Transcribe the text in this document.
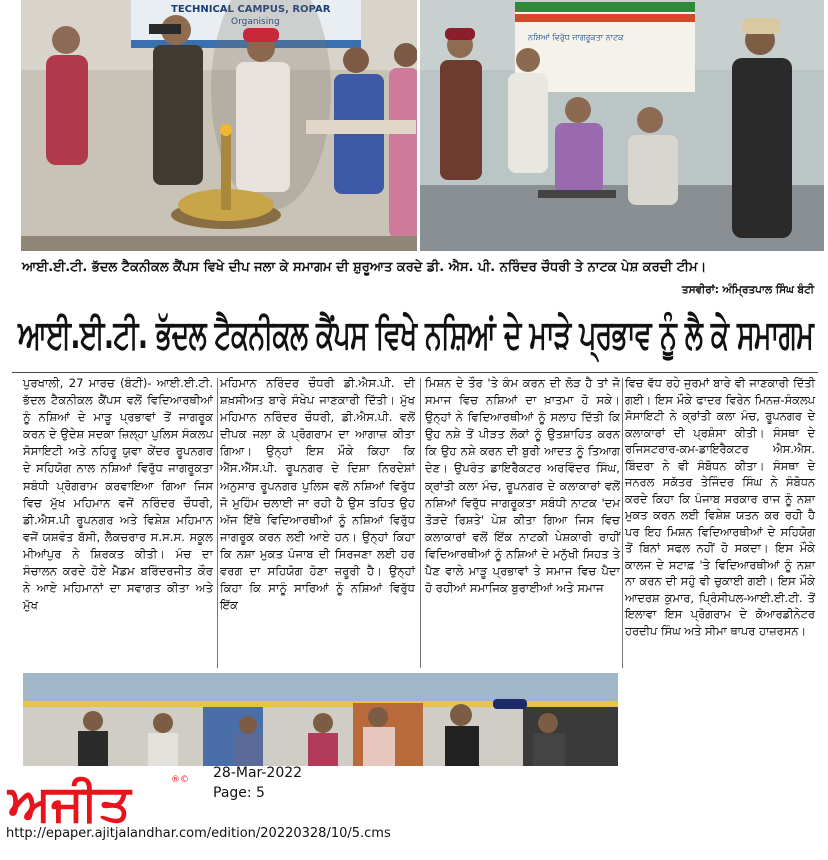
TECHNICAL CAMPUS, ROPAR
Organising
ਨਸ਼ਿਆਂ ਵਿਰੁੱਧ ਜਾਗਰੂਕਤਾ ਨਾਟਕ
ਆਈ.ਈ.ਟੀ. ਭੱਦਲ ਟੈਕਨੀਕਲ ਕੈਂਪਸ ਵਿਖੇ ਦੀਪ ਜਲਾ ਕੇ ਸਮਾਗਮ ਦੀ ਸ਼ੁਰੂਆਤ ਕਰਦੇ ਡੀ. ਐਸ. ਪੀ. ਨਰਿੰਦਰ ਚੌਧਰੀ ਤੇ ਨਾਟਕ ਪੇਸ਼ ਕਰਦੀ ਟੀਮ।
ਤਸਵੀਰਾਂ: ਅੰਮ੍ਰਿਤਪਾਲ ਸਿੰਘ ਬੰਟੀ
ਆਈ.ਈ.ਟੀ. ਭੱਦਲ ਟੈਕਨੀਕਲ ਕੈਂਪਸ ਵਿਖੇ ਨਸ਼ਿਆਂ ਦੇ ਮਾੜੇ ਪ੍ਰਭਾਵ ਨੂੰ ਲੈ ਕੇ ਸਮਾਗਮ

ਪੁਰਖਾਲੀ, 27 ਮਾਰਚ (ਬੰਟੀ)- ਆਈ.ਈ.ਟੀ. ਭੱਦਲ ਟੈਕਨੀਕਲ ਕੈਂਪਸ ਵਲੋਂ ਵਿਦਿਆਰਥੀਆਂ ਨੂੰ ਨਸ਼ਿਆਂ ਦੇ ਮਾੜੂ ਪ੍ਰਭਾਵਾਂ ਤੋਂ ਜਾਗਰੂਕ ਕਰਨ ਦੇ ਉਦੇਸ਼ ਸਦਕਾ ਜ਼ਿਲ੍ਹਾ ਪੁਲਿਸ ਸੰਕਲਪ ਸੋਸਾਇਟੀ ਅਤੇ ਨਹਿਰੂ ਯੁਵਾ ਕੇਂਦਰ ਰੂਪਨਗਰ ਦੇ ਸਹਿਯੋਗ ਨਾਲ ਨਸ਼ਿਆਂ ਵਿਰੁੱਧ ਜਾਗਰੂਕਤਾ ਸਬੰਧੀ ਪ੍ਰੋਗਰਾਮ ਕਰਵਾਇਆ ਗਿਆ ਜਿਸ ਵਿਚ ਮੁੱਖ ਮਹਿਮਾਨ ਵਜੋਂ ਨਰਿੰਦਰ ਚੌਧਰੀ, ਡੀ.ਐਸ.ਪੀ ਰੂਪਨਗਰ ਅਤੇ ਵਿਸ਼ੇਸ਼ ਮਹਿਮਾਨ ਵਜੋਂ ਯਸ਼ਵੰਤ ਬੱਸੀ, ਲੈਕਚਰਾਰ ਸ.ਸ.ਸ. ਸਕੂਲ ਮੀਆਂਪੁਰ ਨੇ ਸ਼ਿਰਕਤ ਕੀਤੀ। ਮੰਚ ਦਾ ਸੰਚਾਲਨ ਕਰਦੇ ਹੋਏ ਮੈਡਮ ਬਰਿੰਦਰਜੀਤ ਕੌਰ ਨੇ ਆਏ ਮਹਿਮਾਨਾਂ ਦਾ ਸਵਾਗਤ ਕੀਤਾ ਅਤੇ ਮੁੱਖ

ਮਹਿਮਾਨ ਨਰਿੰਦਰ ਚੌਧਰੀ ਡੀ.ਐਸ.ਪੀ. ਦੀ ਸ਼ਖ਼ਸੀਅਤ ਬਾਰੇ ਸੰਖੇਪ ਜਾਣਕਾਰੀ ਦਿੱਤੀ। ਮੁੱਖ ਮਹਿਮਾਨ ਨਰਿੰਦਰ ਚੌਧਰੀ, ਡੀ.ਐਸ.ਪੀ. ਵਲੋਂ ਦੀਪਕ ਜਲਾ ਕੇ ਪ੍ਰੋਗਰਾਮ ਦਾ ਆਗਾਜ਼ ਕੀਤਾ ਗਿਆ। ਉਨ੍ਹਾਂ ਇਸ ਮੌਕੇ ਕਿਹਾ ਕਿ ਐੱਸ.ਐੱਸ.ਪੀ. ਰੂਪਨਗਰ ਦੇ ਦਿਸ਼ਾ ਨਿਰਦੇਸ਼ਾਂ ਅਨੁਸਾਰ ਰੂਪਨਗਰ ਪੁਲਿਸ ਵਲੋਂ ਨਸ਼ਿਆਂ ਵਿਰੁੱਧ ਜੋ ਮੁਹਿੰਮ ਚਲਾਈ ਜਾ ਰਹੀ ਹੈ ਉਸ ਤਹਿਤ ਉਹ ਅੱਜ ਇੱਥੇ ਵਿਦਿਆਰਥੀਆਂ ਨੂੰ ਨਸ਼ਿਆਂ ਵਿਰੁੱਧ ਜਾਗਰੂਕ ਕਰਨ ਲਈ ਆਏ ਹਨ। ਉਨ੍ਹਾਂ ਕਿਹਾ ਕਿ ਨਸ਼ਾ ਮੁਕਤ ਪੰਜਾਬ ਦੀ ਸਿਰਜਣਾ ਲਈ ਹਰ ਵਰਗ ਦਾ ਸਹਿਯੋਗ ਹੋਣਾ ਜ਼ਰੂਰੀ ਹੈ। ਉਨ੍ਹਾਂ ਕਿਹਾ ਕਿ ਸਾਨੂੰ ਸਾਰਿਆਂ ਨੂੰ ਨਸ਼ਿਆਂ ਵਿਰੁੱਧ ਇੱਕ

ਮਿਸ਼ਨ ਦੇ ਤੌਰ 'ਤੇ ਕੰਮ ਕਰਨ ਦੀ ਲੋੜ ਹੈ ਤਾਂ ਜੋ ਸਮਾਜ ਵਿਚ ਨਸ਼ਿਆਂ ਦਾ ਖ਼ਾਤਮਾ ਹੋ ਸਕੇ। ਉਨ੍ਹਾਂ ਨੇ ਵਿਦਿਆਰਥੀਆਂ ਨੂੰ ਸਲਾਹ ਦਿੱਤੀ ਕਿ ਉਹ ਨਸ਼ੇ ਤੋਂ ਪੀੜਤ ਲੋਕਾਂ ਨੂੰ ਉਤਸ਼ਾਹਿਤ ਕਰਨ ਕਿ ਉਹ ਨਸ਼ੇ ਕਰਨ ਦੀ ਬੁਰੀ ਆਦਤ ਨੂੰ ਤਿਆਗ ਦੇਣ। ਉਪਰੰਤ ਡਾਇਰੈਕਟਰ ਅਰਵਿੰਦਰ ਸਿੰਘ, ਕ੍ਰਾਂਤੀ ਕਲਾ ਮੰਚ, ਰੂਪਨਗਰ ਦੇ ਕਲਾਕਾਰਾਂ ਵਲੋਂ ਨਸ਼ਿਆਂ ਵਿਰੁੱਧ ਜਾਗਰੂਕਤਾ ਸਬੰਧੀ ਨਾਟਕ 'ਦਮ ਤੋੜਦੇ ਰਿਸ਼ਤੇ' ਪੇਸ਼ ਕੀਤਾ ਗਿਆ ਜਿਸ ਵਿਚ ਕਲਾਕਾਰਾਂ ਵਲੋਂ ਇੱਕ ਨਾਟਕੀ ਪੇਸ਼ਕਾਰੀ ਰਾਹੀਂ ਵਿਦਿਆਰਥੀਆਂ ਨੂੰ ਨਸ਼ਿਆਂ ਦੇ ਮਨੁੱਖੀ ਸਿਹਤ ਤੇ ਪੈਣ ਵਾਲੇ ਮਾੜੂ ਪ੍ਰਭਾਵਾਂ ਤੇ ਸਮਾਜ ਵਿਚ ਪੈਦਾ ਹੋ ਰਹੀਆਂ ਸਮਾਜਿਕ ਬੁਰਾਈਆਂ ਅਤੇ ਸਮਾਜ

ਵਿਚ ਵੱਧ ਰਹੇ ਜੁਰਮਾਂ ਬਾਰੇ ਵੀ ਜਾਣਕਾਰੀ ਦਿੱਤੀ ਗਈ। ਇਸ ਮੌਕੇ ਫਾਦਰ ਵਿਰੇਨ ਮਿਨਜ਼-ਸੰਕਲਪ ਸੋਸਾਇਟੀ ਨੇ ਕ੍ਰਾਂਤੀ ਕਲਾ ਮੰਚ, ਰੂਪਨਗਰ ਦੇ ਕਲਾਕਾਰਾਂ ਦੀ ਪ੍ਰਸ਼ੰਸਾ ਕੀਤੀ। ਸੰਸਥਾ ਦੇ ਰਜਿਸਟਰਾਰ-ਕਮ-ਡਾਇਰੈਕਟਰ ਐਸ.ਐਸ. ਬਿੰਦਰਾ ਨੇ ਵੀ ਸੰਬੋਧਨ ਕੀਤਾ। ਸੰਸਥਾ ਦੇ ਜਨਰਲ ਸਕੱਤਰ ਤੇਜਿੰਦਰ ਸਿੰਘ ਨੇ ਸੰਬੋਧਨ ਕਰਦੇ ਕਿਹਾ ਕਿ ਪੰਜਾਬ ਸਰਕਾਰ ਰਾਜ ਨੂੰ ਨਸ਼ਾ ਮੁਕਤ ਕਰਨ ਲਈ ਵਿਸ਼ੇਸ਼ ਯਤਨ ਕਰ ਰਹੀ ਹੈ ਪਰ ਇਹ ਮਿਸ਼ਨ ਵਿਦਿਆਰਥੀਆਂ ਦੇ ਸਹਿਯੋਗ ਤੋਂ ਬਿਨਾਂ ਸਫਲ ਨਹੀਂ ਹੋ ਸਕਦਾ। ਇਸ ਮੌਕੇ ਕਾਲਜ ਦੇ ਸਟਾਫ਼ 'ਤੇ ਵਿਦਿਆਰਥੀਆਂ ਨੂੰ ਨਸ਼ਾ ਨਾ ਕਰਨ ਦੀ ਸਹੁੰ ਵੀ ਚੁਕਾਈ ਗਈ। ਇਸ ਮੌਕੇ ਆਦਰਸ਼ ਕੁਮਾਰ, ਪ੍ਰਿੰਸੀਪਲ-ਆਈ.ਈ.ਟੀ. ਤੋਂ ਇਲਾਵਾ ਇਸ ਪ੍ਰੋਗਰਾਮ ਦੇ ਕੋਆਰਡੀਨੇਟਰ ਹਰਦੀਪ ਸਿੰਘ ਅਤੇ ਸੀਮਾ ਥਾਪਰ ਹਾਜ਼ਰਸਨ।

ਅਜੀਤ	®© 28-Mar-2022
Page: 5
http://epaper.ajitjalandhar.com/edition/20220328/10/5.cms
